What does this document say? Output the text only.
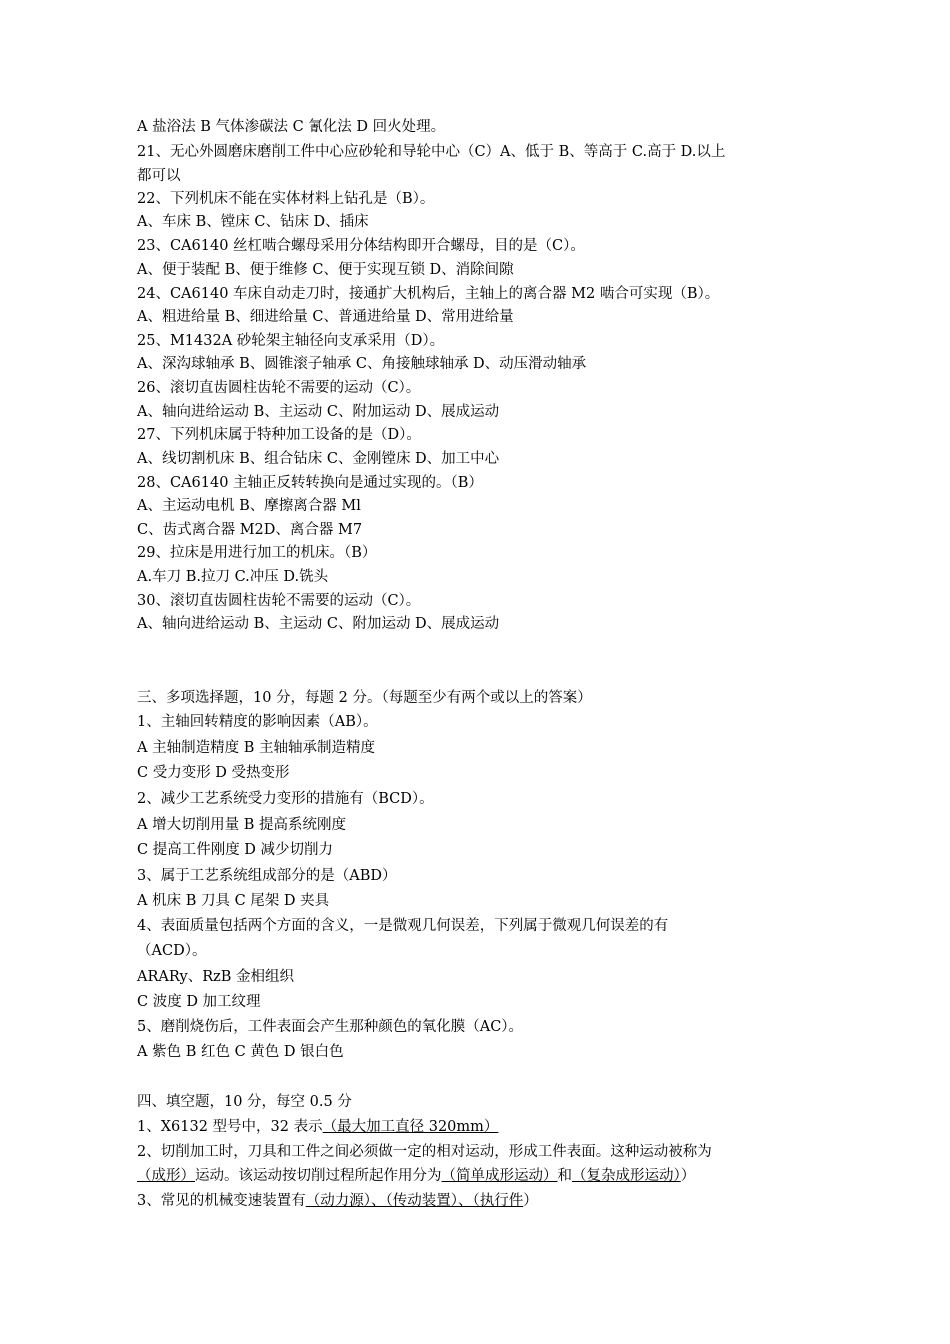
A 盐浴法 B 气体渗碳法 C 氰化法 D 回火处理。
21、无心外圆磨床磨削工件中心应砂轮和导轮中心（C）A、低于 B、等高于 C.高于 D.以上
都可以
22、下列机床不能在实体材料上钻孔是（B）。
A、车床 B、镗床 C、钻床 D、插床
23、CA6140 丝杠啮合螺母采用分体结构即开合螺母，目的是（C）。
A、便于装配 B、便于维修 C、便于实现互锁 D、消除间隙
24、CA6140 车床自动走刀时，接通扩大机构后，主轴上的离合器 M2 啮合可实现（B）。
A、粗进给量 B、细进给量 C、普通进给量 D、常用进给量
25、M1432A 砂轮架主轴径向支承采用（D）。
A、深沟球轴承 B、圆锥滚子轴承 C、角接触球轴承 D、动压滑动轴承
26、滚切直齿圆柱齿轮不需要的运动（C）。
A、轴向进给运动 B、主运动 C、附加运动 D、展成运动
27、下列机床属于特种加工设备的是（D）。
A、线切割机床 B、组合钻床 C、金刚镗床 D、加工中心
28、CA6140 主轴正反转转换向是通过实现的。（B）
A、主运动电机 B、摩擦离合器 Ml
C、齿式离合器 M2D、离合器 M7
29、拉床是用进行加工的机床。（B）
A.车刀 B.拉刀 C.冲压 D.铣头
30、滚切直齿圆柱齿轮不需要的运动（C）。
A、轴向进给运动 B、主运动 C、附加运动 D、展成运动
三、多项选择题，10 分，每题 2 分。（每题至少有两个或以上的答案）
1、主轴回转精度的影响因素（AB）。
A 主轴制造精度 B 主轴轴承制造精度
C 受力变形 D 受热变形
2、减少工艺系统受力变形的措施有（BCD）。
A 增大切削用量 B 提高系统刚度
C 提高工件刚度 D 减少切削力
3、属于工艺系统组成部分的是（ABD）
A 机床 B 刀具 C 尾架 D 夹具
4、表面质量包括两个方面的含义，一是微观几何误差，下列属于微观几何误差的有
（ACD）。
ARARy、RzB 金相组织
C 波度 D 加工纹理
5、磨削烧伤后，工件表面会产生那种颜色的氧化膜（AC）。
A 紫色 B 红色 C 黄色 D 银白色
四、填空题，10 分，每空 0.5 分
1、X6132 型号中，32 表示（最大加工直径 320mm）
2、切削加工时，刀具和工件之间必须做一定的相对运动，形成工件表面。这种运动被称为
（成形）运动。该运动按切削过程所起作用分为（简单成形运动）和（复杂成形运动））
3、常见的机械变速装置有（动力源）、（传动装置）、（执行件）
